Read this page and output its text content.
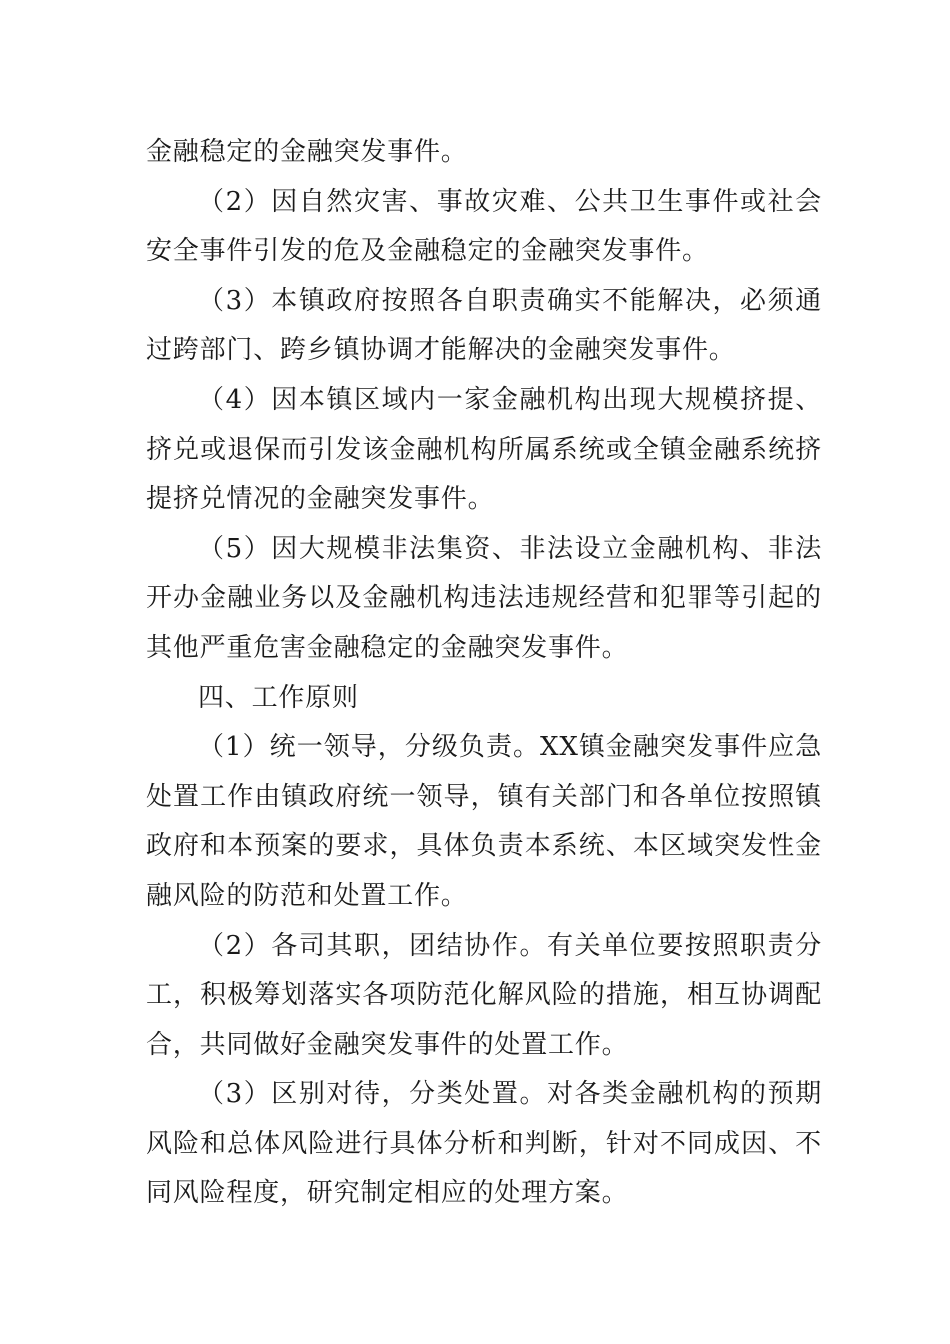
金融稳定的金融突发事件。

（2）因自然灾害、事故灾难、公共卫生事件或社会安全事件引发的危及金融稳定的金融突发事件。

（3）本镇政府按照各自职责确实不能解决，必须通过跨部门、跨乡镇协调才能解决的金融突发事件。

（4）因本镇区域内一家金融机构出现大规模挤提、挤兑或退保而引发该金融机构所属系统或全镇金融系统挤提挤兑情况的金融突发事件。

（5）因大规模非法集资、非法设立金融机构、非法开办金融业务以及金融机构违法违规经营和犯罪等引起的其他严重危害金融稳定的金融突发事件。

四、工作原则

（1）统一领导，分级负责。XX镇金融突发事件应急处置工作由镇政府统一领导，镇有关部门和各单位按照镇政府和本预案的要求，具体负责本系统、本区域突发性金融风险的防范和处置工作。

（2）各司其职，团结协作。有关单位要按照职责分工，积极筹划落实各项防范化解风险的措施，相互协调配合，共同做好金融突发事件的处置工作。

（3）区别对待，分类处置。对各类金融机构的预期风险和总体风险进行具体分析和判断，针对不同成因、不同风险程度，研究制定相应的处理方案。
